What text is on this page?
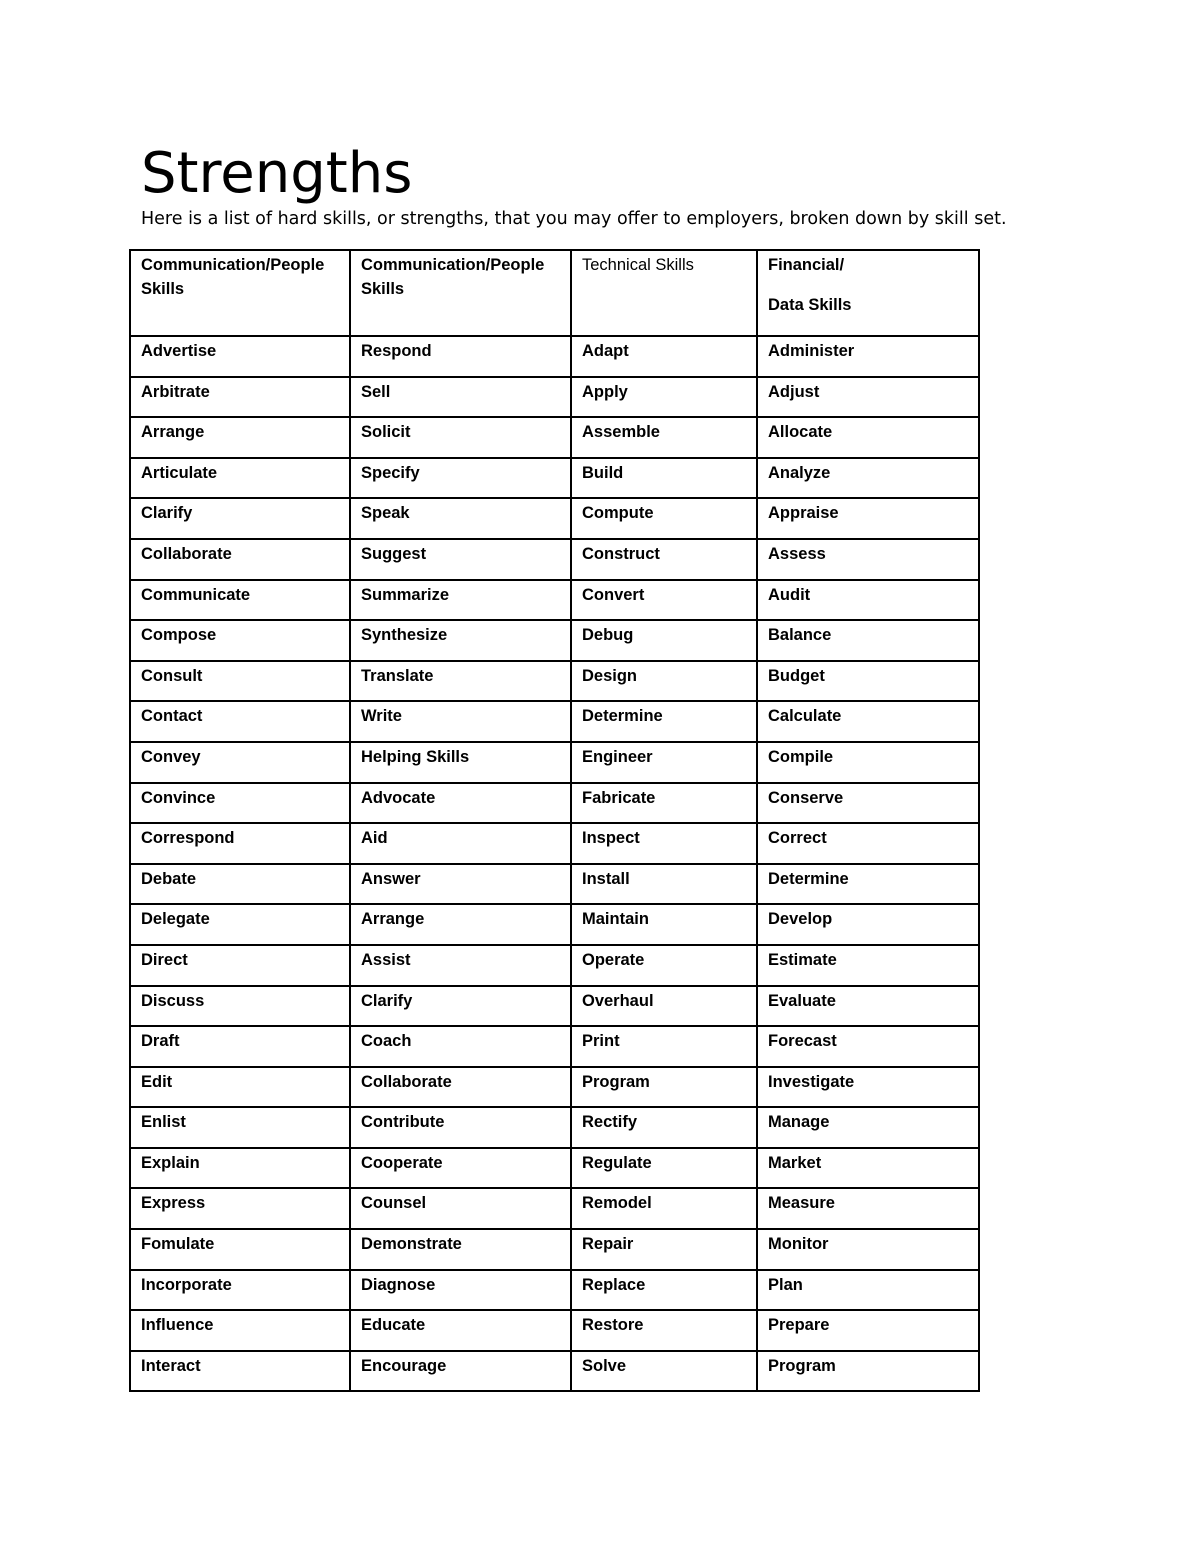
Strengths

Here is a list of hard skills, or strengths, that you may offer to employers, broken down by skill set.

Communication/People Skills	Communication/People Skills	Technical Skills	Financial/
Data Skills

Advertise	Respond	Adapt	Administer
Arbitrate	Sell	Apply	Adjust
Arrange	Solicit	Assemble	Allocate
Articulate	Specify	Build	Analyze
Clarify	Speak	Compute	Appraise
Collaborate	Suggest	Construct	Assess
Communicate	Summarize	Convert	Audit
Compose	Synthesize	Debug	Balance
Consult	Translate	Design	Budget
Contact	Write	Determine	Calculate
Convey	Helping Skills	Engineer	Compile
Convince	Advocate	Fabricate	Conserve
Correspond	Aid	Inspect	Correct
Debate	Answer	Install	Determine
Delegate	Arrange	Maintain	Develop
Direct	Assist	Operate	Estimate
Discuss	Clarify	Overhaul	Evaluate
Draft	Coach	Print	Forecast
Edit	Collaborate	Program	Investigate
Enlist	Contribute	Rectify	Manage
Explain	Cooperate	Regulate	Market
Express	Counsel	Remodel	Measure
Fomulate	Demonstrate	Repair	Monitor
Incorporate	Diagnose	Replace	Plan
Influence	Educate	Restore	Prepare
Interact	Encourage	Solve	Program
